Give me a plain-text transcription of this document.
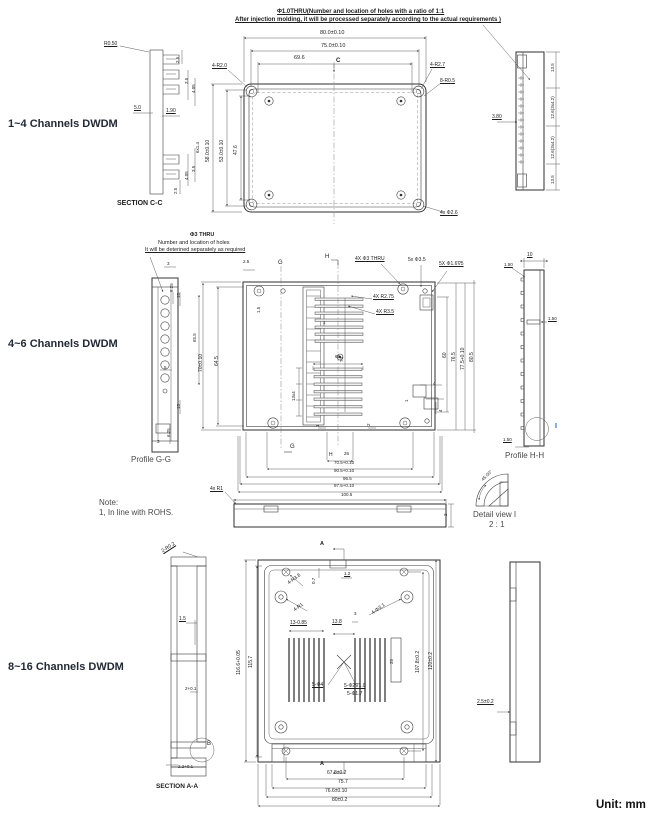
1~4 Channels DWDM
4~6 Channels DWDM
8~16 Channels DWDM
Unit: mm
Φ1.0THRU(Number and location of holes with a ratio of 1:1
After injection molding, it will be processed separately according to the actual requirements )
80.0±0.10
75.0±0.10
69.6	C
R0.50
4-R2.0	4-R2.7
8-R0.5
4x Φ2.6
58.0±0.10 53.0±0.10 47.6
5.0	1.90
2.5
2.5
3.5
4.05
6x1.4
3.5
4.05
SECTION C-C
3.80
13.5
12.6(3x4.2)
12.6(3x4.2)
13.5
Φ3 THRU
Number and location of holes
It will be deterined separately as required
G
H	4X Φ3 THRU	5x Φ3.5
5X Φ1.6∇5
4X R2.75
4X R3.5
2.5
1.5
70±0.10 64.5
65.5
1
65
13x4
74
60 76.5 77.5+0.10 80.5
10
1.50
1.50
1.50
Profile H-H
I
45.00°
Detail view I
2 : 1
Profile G-G
3
6.25
15
5
15
6.25
3
G
H	26
70.5+0.10
90.5+0.10
96.5
97.5+0.10
100.5
4x R1
2
1	2
4
1
4
Note:
1, In line with ROHS.
2-R0.2
1.5
2+0.1
B
2.2+0.1
SECTION A-A
A
A
0.7
1.2
4-R3.8
4-R1	4-Φ3.1
13-0.85	13.8
3
25
5-Φ4	5-Φ2∇1.0
5-Φ1.7
116.6+0.05 115.7	107.8±0.2 120±0.2
67.8±0.2
75.7
76.6±0.10
80±0.2
2.5±0.2
